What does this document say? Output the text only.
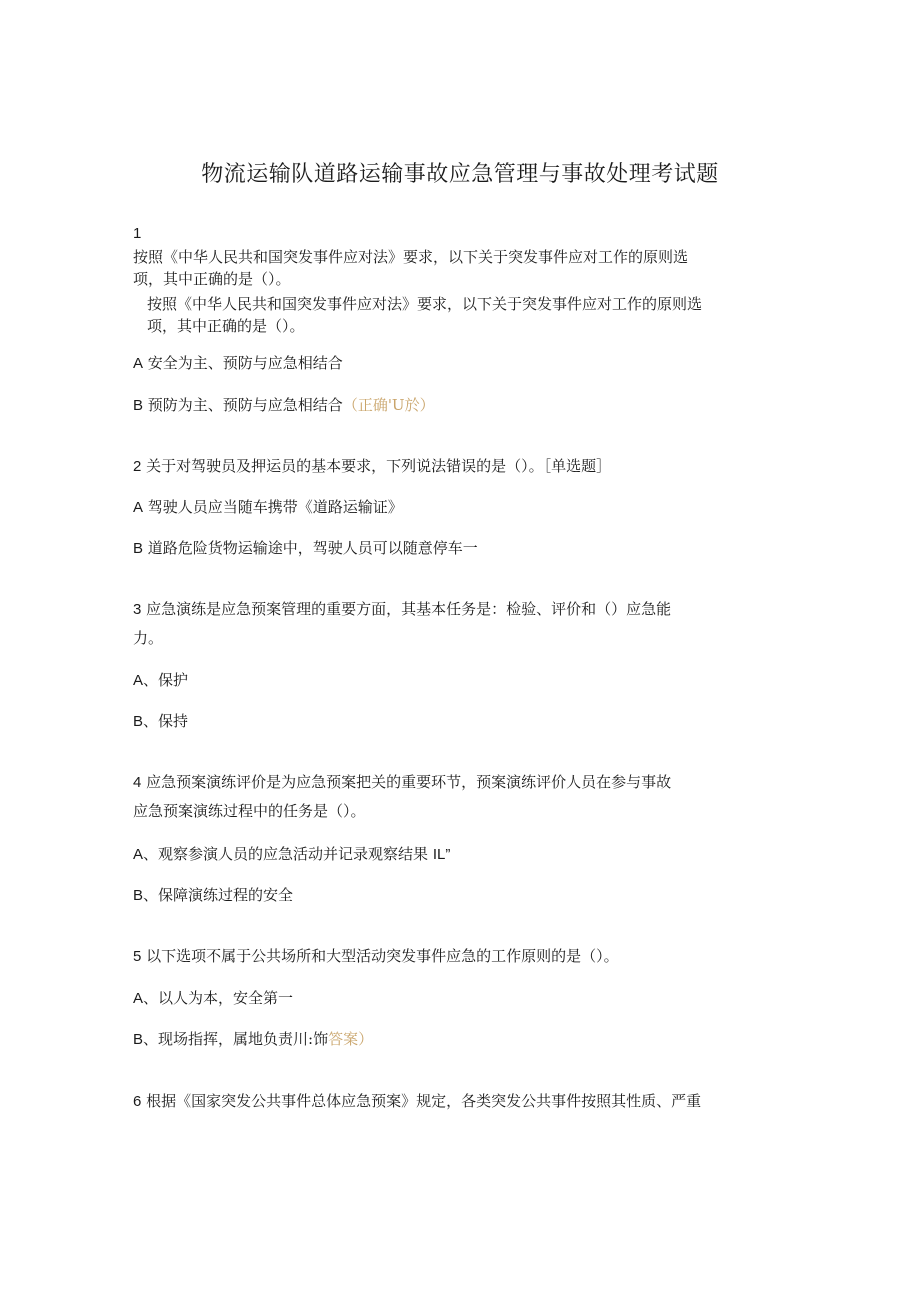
物流运输队道路运输事故应急管理与事故处理考试题
1
按照《中华人民共和国突发事件应对法》要求，以下关于突发事件应对工作的原则选
项，其中正确的是（）。
按照《中华人民共和国突发事件应对法》要求，以下关于突发事件应对工作的原则选
项，其中正确的是（）。
A 安全为主、预防与应急相结合
B 预防为主、预防与应急相结合（正确'U於）
2 关于对驾驶员及押运员的基本要求，下列说法错误的是（）。［单选题］
A 驾驶人员应当随车携带《道路运输证》
B 道路危险货物运输途中，驾驶人员可以随意停车一
3 应急演练是应急预案管理的重要方面，其基本任务是：检验、评价和（）应急能
力。
A、保护
B、保持
4 应急预案演练评价是为应急预案把关的重要环节，预案演练评价人员在参与事故
应急预案演练过程中的任务是（）。
A、观察参演人员的应急活动并记录观察结果 IL”
B、保障演练过程的安全
5 以下选项不属于公共场所和大型活动突发事件应急的工作原则的是（）。
A、以人为本，安全第一
B、现场指挥，属地负责川:饰答案）
6 根据《国家突发公共事件总体应急预案》规定，各类突发公共事件按照其性质、严重
